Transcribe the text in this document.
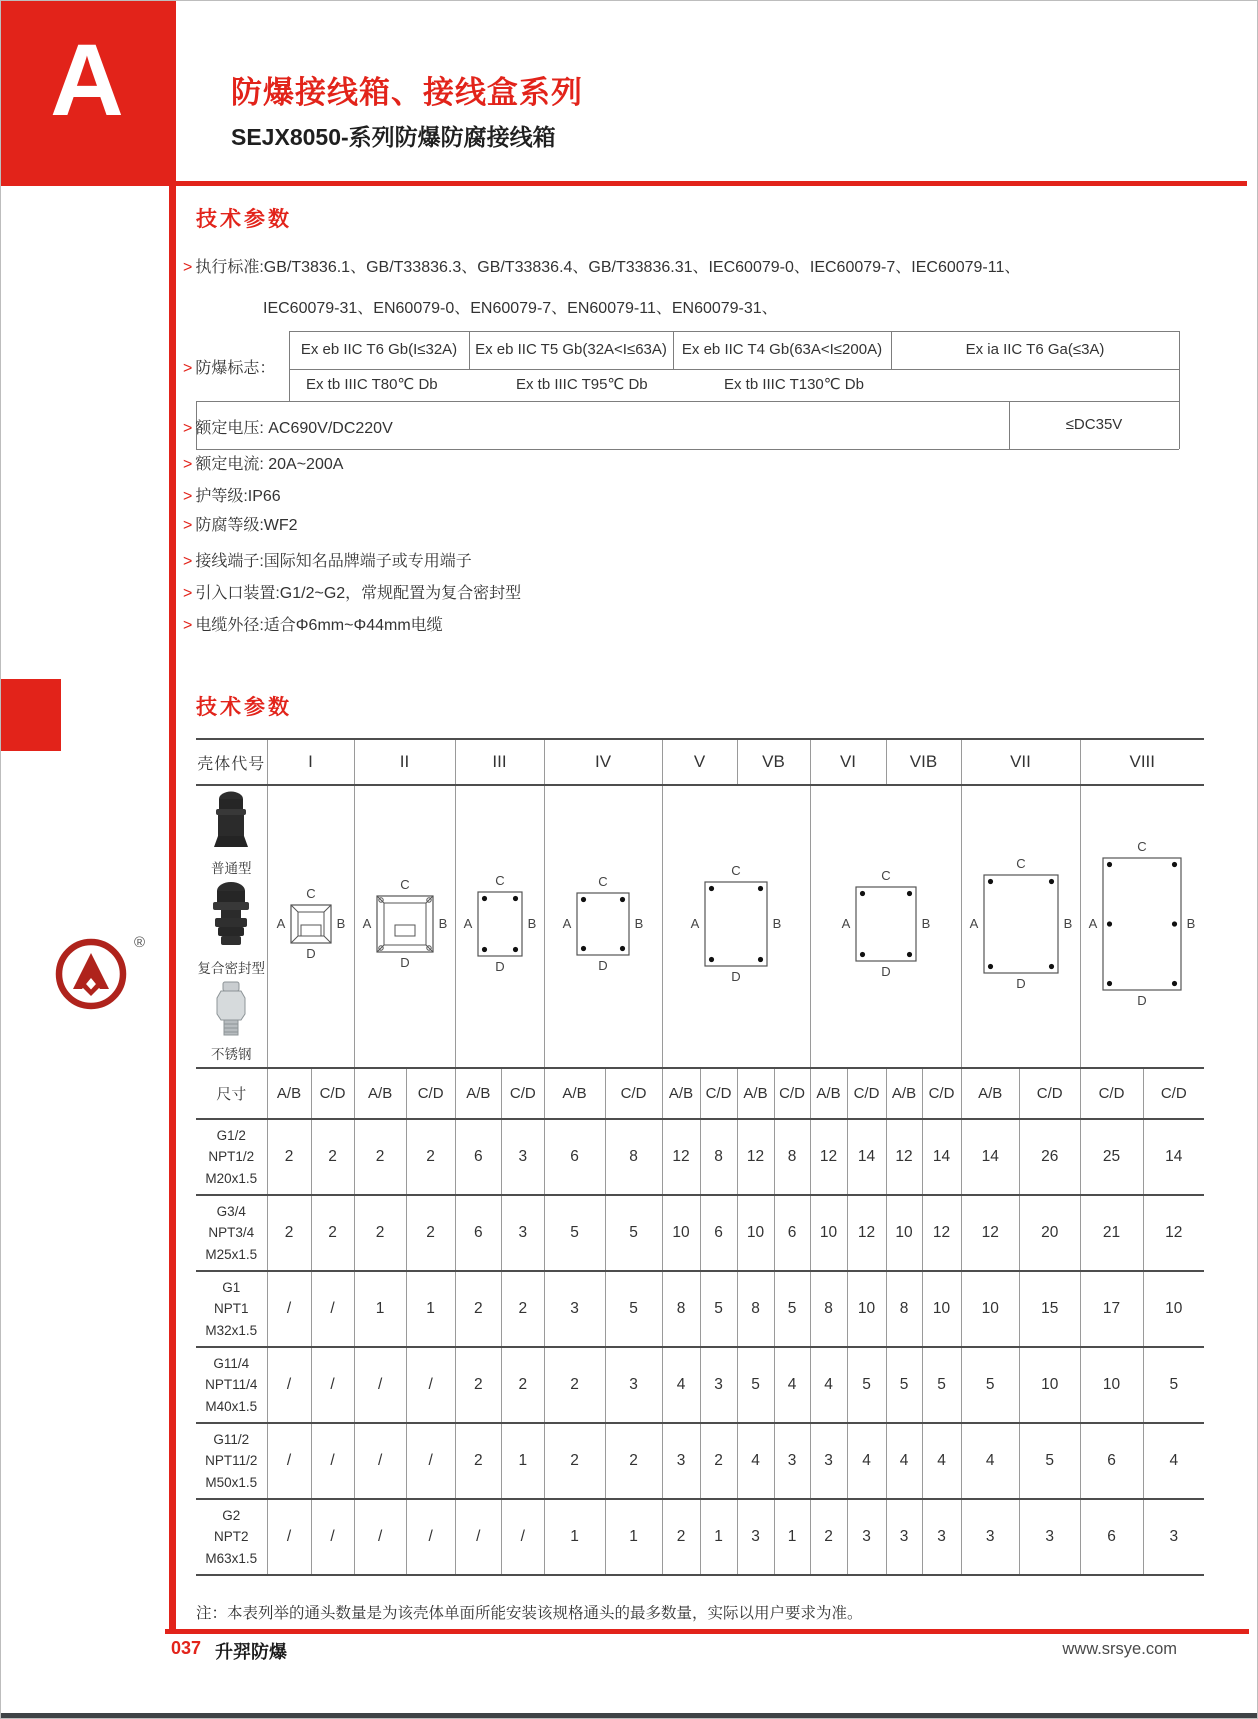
A	防爆接线箱、接线盒系列
SEJX8050-系列防爆防腐接线箱
®
技术参数
> 执行标准:GB/T3836.1、GB/T33836.3、GB/T33836.4、GB/T33836.31、IEC60079-0、IEC60079-7、IEC60079-11、
IEC60079-31、EN60079-0、EN60079-7、EN60079-11、EN60079-31、
> 防爆标志：
Ex eb IIC T6 Gb(I≤32A)	Ex eb IIC T5 Gb(32A<I≤63A)	Ex eb IIC T4 Gb(63A<I≤200A)	Ex ia IIC T6 Ga(≤3A)
Ex tb IIIC T80℃ Db	Ex tb IIIC T95℃ Db	Ex tb IIIC T130℃ Db
> 额定电压: AC690V/DC220V	≤DC35V
> 额定电流: 20A~200A
> 护等级:IP66
> 防腐等级:WF2
> 接线端子:国际知名品牌端子或专用端子
> 引入口装置:G1/2~G2，常规配置为复合密封型
> 电缆外径:适合Φ6mm~Φ44mm电缆
技术参数
壳体代号	I		II		III		IV		V		VB		VI		VIB		VII		VIII	

普通型
复合密封型
不锈钢

C
D
A	B

C
D
A	B

C
D
A	B

C
D
A	B

C
D
A	B

C
D
A	B

C
D
A	B

C
D
A	B

尺寸	A/B	C/D	A/B	C/D	A/B	C/D	A/B	C/D	A/B	C/D	A/B	C/D	A/B	C/D	A/B	C/D	A/B	C/D	C/D	C/D

G1/2
NPT1/2
M20x1.5	2	2	2	2	6	3	6	8	12	8	12	8	12	14	12	14	14	26	25	14

G3/4
NPT3/4
M25x1.5	2	2	2	2	6	3	5	5	10	6	10	6	10	12	10	12	12	20	21	12

G1
NPT1
M32x1.5	/	/	1	1	2	2	3	5	8	5	8	5	8	10	8	10	10	15	17	10

G11/4
NPT11/4
M40x1.5	/	/	/	/	2	2	2	3	4	3	5	4	4	5	5	5	5	10	10	5

G11/2
NPT11/2
M50x1.5	/	/	/	/	2	1	2	2	3	2	4	3	3	4	4	4	4	5	6	4

G2
NPT2
M63x1.5	/	/	/	/	/	/	1	1	2	1	3	1	2	3	3	3	3	3	6	3
注：本表列举的通头数量是为该壳体单面所能安装该规格通头的最多数量，实际以用户要求为准。
037 升羿防爆	www.srsye.com
